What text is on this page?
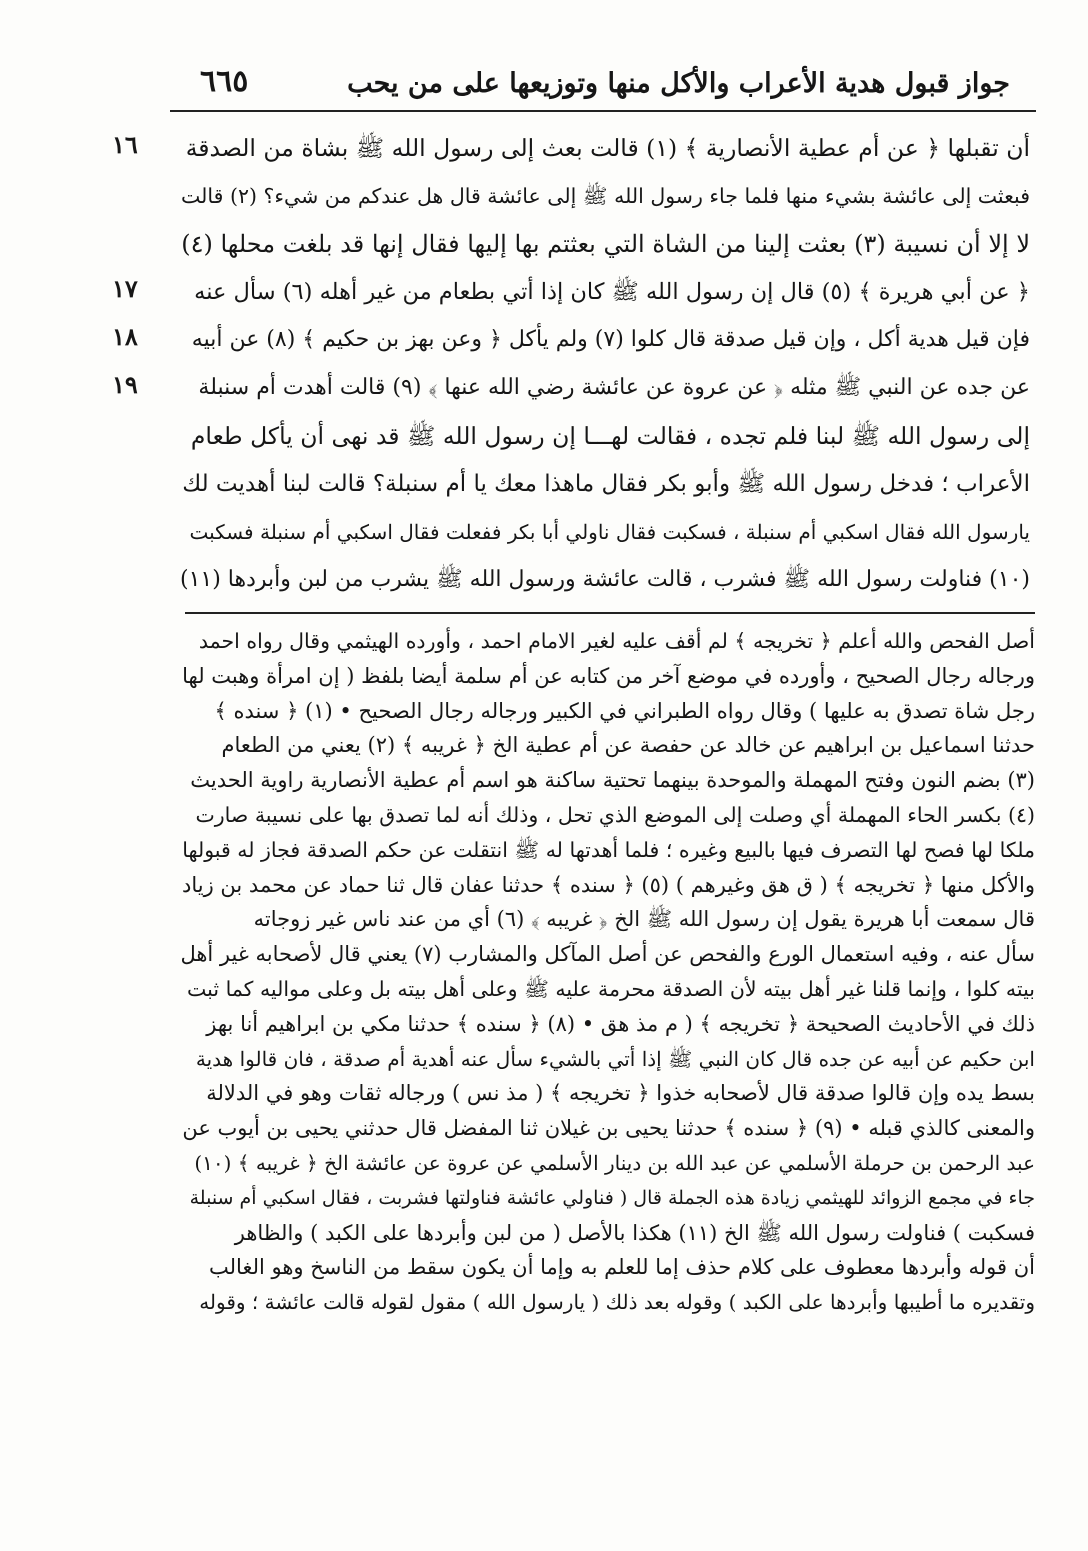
جواز قبول هدية الأعراب والأكل منها وتوزيعها على من يحب
٦٦٥
١٦
١٧
١٨
١٩
أن تقبلها ﴿ عن أم عطية الأنصارية ﴾ (١) قالت بعث إلى رسول الله ﷺ بشاة من الصدقة
فبعثت إلى عائشة بشيء منها فلما جاء رسول الله ﷺ إلى عائشة قال هل عندكم من شيء؟ (٢) قالت
لا إلا أن نسيبة (٣) بعثت إلينا من الشاة التي بعثتم بها إليها فقال إنها قد بلغت محلها (٤)
﴿ عن أبي هريرة ﴾ (٥) قال إن رسول الله ﷺ كان إذا أتي بطعام من غير أهله (٦) سأل عنه
فإن قيل هدية أكل ، وإن قيل صدقة قال كلوا (٧) ولم يأكل ﴿ وعن بهز بن حكيم ﴾ (٨) عن أبيه
عن جده عن النبي ﷺ مثله ﴿ عن عروة عن عائشة رضي الله عنها ﴾ (٩) قالت أهدت أم سنبلة
إلى رسول الله ﷺ لبنا فلم تجده ، فقالت لهـــا إن رسول الله ﷺ قد نهى أن يأكل طعام
الأعراب ؛ فدخل رسول الله ﷺ وأبو بكر فقال ماهذا معك يا أم سنبلة؟ قالت لبنا أهديت لك
يارسول الله فقال اسكبي أم سنبلة ، فسكبت فقال ناولي أبا بكر ففعلت فقال اسكبي أم سنبلة فسكبت
(١٠) فناولت رسول الله ﷺ فشرب ، قالت عائشة ورسول الله ﷺ يشرب من لبن وأبردها (١١)
أصل الفحص والله أعلم ﴿ تخريجه ﴾ لم أقف عليه لغير الامام احمد ، وأورده الهيثمي وقال رواه احمد
ورجاله رجال الصحيح ، وأورده في موضع آخر من كتابه عن أم سلمة أيضا بلفظ ( إن امرأة وهبت لها
رجل شاة تصدق به عليها ) وقال رواه الطبراني في الكبير ورجاله رجال الصحيح • (١) ﴿ سنده ﴾
حدثنا اسماعيل بن ابراهيم عن خالد عن حفصة عن أم عطية الخ ﴿ غريبه ﴾ (٢) يعني من الطعام
(٣) بضم النون وفتح المهملة والموحدة بينهما تحتية ساكنة هو اسم أم عطية الأنصارية راوية الحديث
(٤) بكسر الحاء المهملة أي وصلت إلى الموضع الذي تحل ، وذلك أنه لما تصدق بها على نسيبة صارت
ملكا لها فصح لها التصرف فيها بالبيع وغيره ؛ فلما أهدتها له ﷺ انتقلت عن حكم الصدقة فجاز له قبولها
والأكل منها ﴿ تخريجه ﴾ ( ق هق وغيرهم ) (٥) ﴿ سنده ﴾ حدثنا عفان قال ثنا حماد عن محمد بن زياد
قال سمعت أبا هريرة يقول إن رسول الله ﷺ الخ ﴿ غريبه ﴾ (٦) أي من عند ناس غير زوجاته
سأل عنه ، وفيه استعمال الورع والفحص عن أصل المآكل والمشارب (٧) يعني قال لأصحابه غير أهل
بيته كلوا ، وإنما قلنا غير أهل بيته لأن الصدقة محرمة عليه ﷺ وعلى أهل بيته بل وعلى مواليه كما ثبت
ذلك في الأحاديث الصحيحة ﴿ تخريجه ﴾ ( م مذ هق • (٨) ﴿ سنده ﴾ حدثنا مكي بن ابراهيم أنا بهز
ابن حكيم عن أبيه عن جده قال كان النبي ﷺ إذا أتي بالشيء سأل عنه أهدية أم صدقة ، فان قالوا هدية
بسط يده وإن قالوا صدقة قال لأصحابه خذوا ﴿ تخريجه ﴾ ( مذ نس ) ورجاله ثقات وهو في الدلالة
والمعنى كالذي قبله • (٩) ﴿ سنده ﴾ حدثنا يحيى بن غيلان ثنا المفضل قال حدثني يحيى بن أيوب عن
عبد الرحمن بن حرملة الأسلمي عن عبد الله بن دينار الأسلمي عن عروة عن عائشة الخ ﴿ غريبه ﴾ (١٠)
جاء في مجمع الزوائد للهيثمي زيادة هذه الجملة قال ( فناولي عائشة فناولتها فشربت ، فقال اسكبي أم سنبلة
فسكبت ) فناولت رسول الله ﷺ الخ (١١) هكذا بالأصل ( من لبن وأبردها على الكبد ) والظاهر
أن قوله وأبردها معطوف على كلام حذف إما للعلم به وإما أن يكون سقط من الناسخ وهو الغالب
وتقديره ما أطيبها وأبردها على الكبد ) وقوله بعد ذلك ( يارسول الله ) مقول لقوله قالت عائشة ؛ وقوله
